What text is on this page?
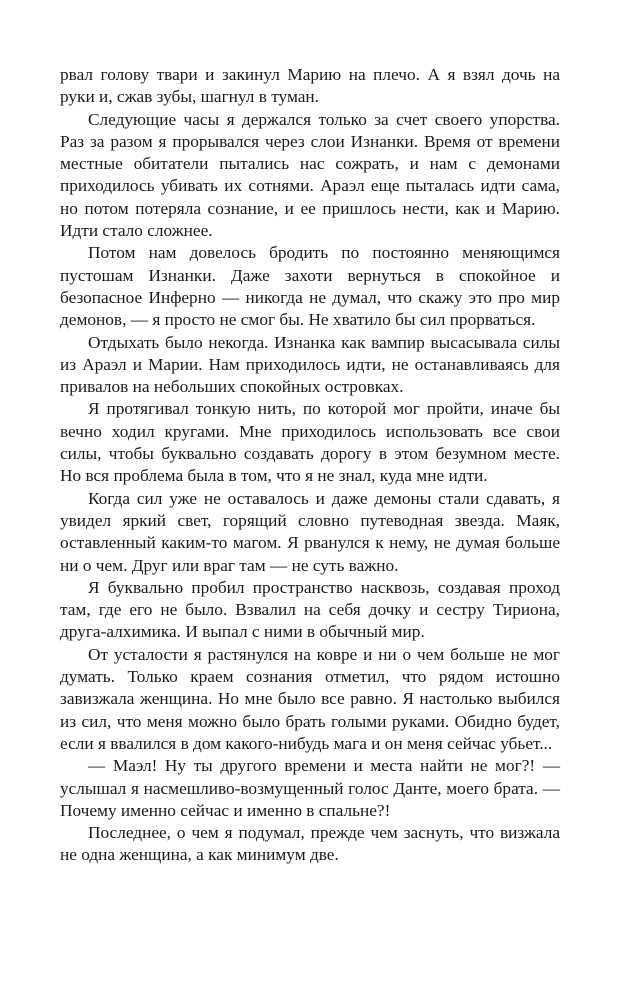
рвал голову твари и закинул Марию на плечо. А я взял дочь на руки и, сжав зубы, шагнул в туман.

Следующие часы я держался только за счет своего упорства. Раз за разом я прорывался через слои Изнанки. Время от времени местные обитатели пытались нас сожрать, и нам с демонами приходилось убивать их сотнями. Араэл еще пыталась идти сама, но потом потеряла сознание, и ее пришлось нести, как и Марию. Идти стало сложнее.

Потом нам довелось бродить по постоянно меняющимся пустошам Изнанки. Даже захоти вернуться в спокойное и безопасное Инферно — никогда не думал, что скажу это про мир демонов, — я просто не смог бы. Не хватило бы сил прорваться.

Отдыхать было некогда. Изнанка как вампир высасывала силы из Араэл и Марии. Нам приходилось идти, не останавливаясь для привалов на небольших спокойных островках.

Я протягивал тонкую нить, по которой мог пройти, иначе бы вечно ходил кругами. Мне приходилось использовать все свои силы, чтобы буквально создавать дорогу в этом безумном месте. Но вся проблема была в том, что я не знал, куда мне идти.

Когда сил уже не оставалось и даже демоны стали сдавать, я увидел яркий свет, горящий словно путеводная звезда. Маяк, оставленный каким-то магом. Я рванулся к нему, не думая больше ни о чем. Друг или враг там — не суть важно.

Я буквально пробил пространство насквозь, создавая проход там, где его не было. Взвалил на себя дочку и сестру Тириона, друга-алхимика. И выпал с ними в обычный мир.

От усталости я растянулся на ковре и ни о чем больше не мог думать. Только краем сознания отметил, что рядом истошно завизжала женщина. Но мне было все равно. Я настолько выбился из сил, что меня можно было брать голыми руками. Обидно будет, если я ввалился в дом какого-нибудь мага и он меня сейчас убьет...

— Маэл! Ну ты другого времени и места найти не мог?! — услышал я насмешливо-возмущенный голос Данте, моего брата. — Почему именно сейчас и именно в спальне?!

Последнее, о чем я подумал, прежде чем заснуть, что визжала не одна женщина, а как минимум две.
